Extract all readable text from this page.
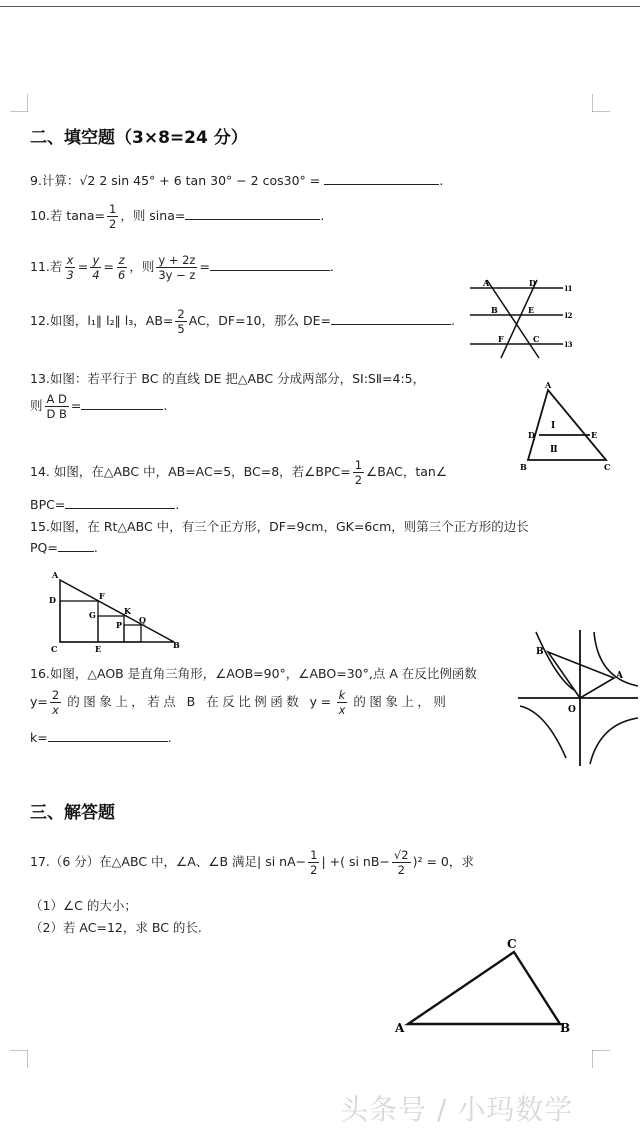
二、填空题（3×8=24 分）
9.计算：√2 2 sin 45° + 6 tan 30° − 2 cos30° =	.
10.若 $\tan a= \frac{1}{2}$ ，则 sina=	.
11.若 $\frac{x}{3} = \frac{y}{4} = \frac{z}{6}$ ，则 $\frac{y + 2z}{3y - z}$ =	.
12.如图，l₁∥ l₂∥ l₃，$AB= \frac{2}{5}$ AC，DF=10，那么 DE=	.
A	D
l1
B	E
l2
F	C
l3
13.如图：若平行于 BC 的直线 DE 把△ABC 分成两部分，SⅠ:SⅡ=4:5，
则 $\frac{\text{A D}}{\text{D B}}$ =	.
A
D	E
Ⅰ
Ⅱ
B	C
14. 如图，在△ABC 中，AB=AC=5，BC=8，若∠BPC= $\frac{1}{2}$ ∠BAC，tan∠
BPC=	.
15.如图，在 Rt△ABC 中，有三个正方形，DF=9cm，GK=6cm，则第三个正方形的边长
PQ=	.
A
D	F
G	K
P Q
C	E	B
16.如图，△AOB 是直角三角形，∠AOB=90°，∠ABO=30°,点 A 在反比例函数
$y= \frac{2}{x}$ 的图象上，若点 B 在反比例函数 $y= \frac{k}{x}$ 的图象上，则
k=	.
B
A
O
三、解答题
17.（6 分）在△ABC 中，∠A、∠B 满足| si $nA- \frac{1}{2}$ | +( si $nB- \frac{√2}{2} )^2 = 0$，求
（1）∠C 的大小；
（2）若 AC=12，求 BC 的长.
C
A	B
头条号 / 小玛数学
